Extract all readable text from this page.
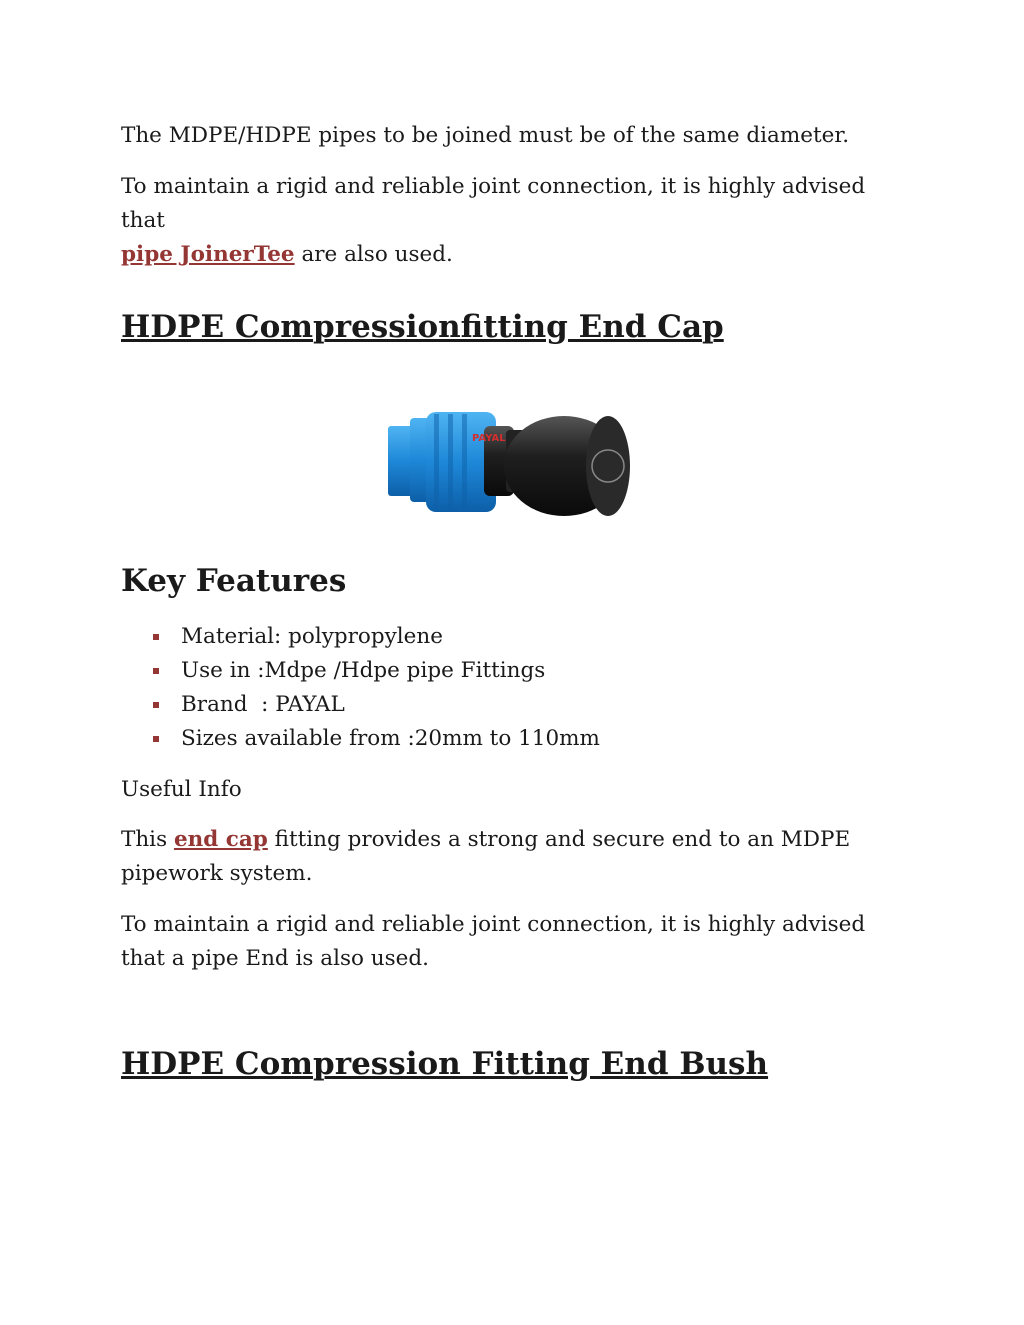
The MDPE/HDPE pipes to be joined must be of the same diameter.
To maintain a rigid and reliable joint connection, it is highly advised that
pipe JoinerTee are also used.
HDPE Compressionfitting End Cap
PAYAL
Key Features
Material: polypropylene
Use in :Mdpe /Hdpe pipe Fittings
Brand  : PAYAL
Sizes available from :20mm to 110mm
Useful Info
This end cap fitting provides a strong and secure end to an MDPE pipework system.
To maintain a rigid and reliable joint connection, it is highly advised that a pipe End is also used.
HDPE Compression Fitting End Bush
